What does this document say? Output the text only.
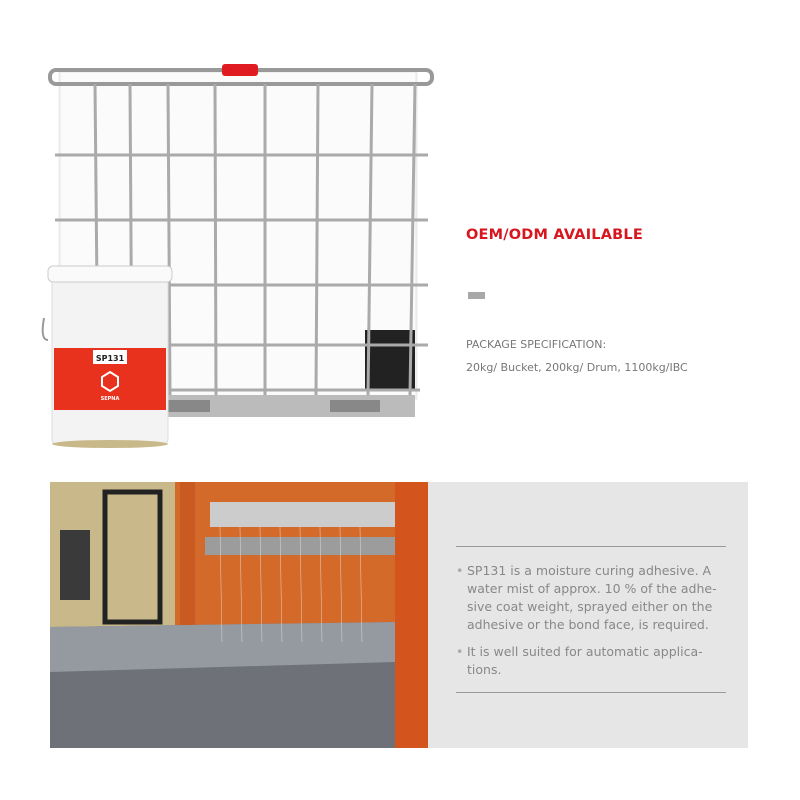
SP131
SEPNA
OEM/ODM AVAILABLE
PACKAGE SPECIFICATION:
20kg/ Bucket, 200kg/ Drum, 1100kg/IBC
• SP131 is a moisture curing adhesive. A
water mist of approx. 10 % of the adhe-
sive coat weight, sprayed either on the
adhesive or the bond face, is required.
• It is well suited for automatic applica-
tions.
